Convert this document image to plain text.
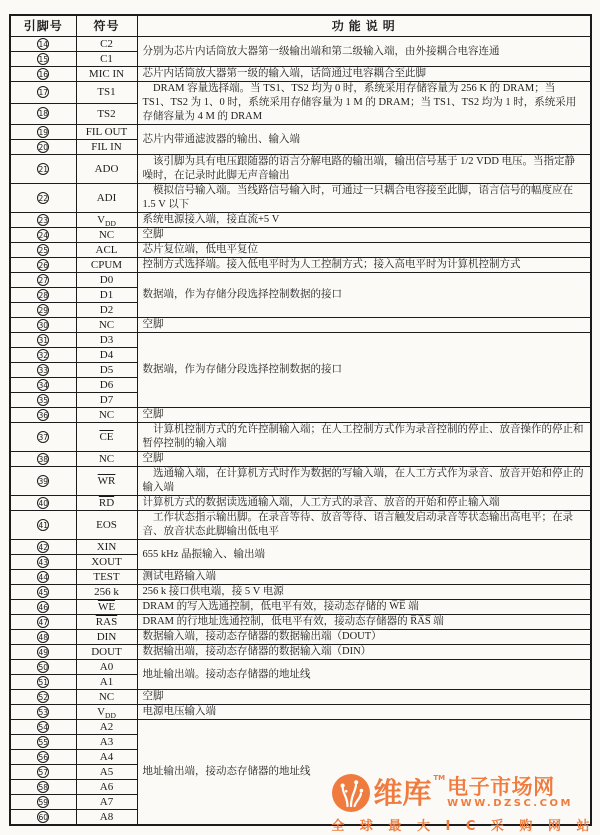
引脚号	符号	功 能 说 明
14	C2	分别为芯片内话筒放大器第一级输出端和第二级输入端，由外接耦合电容连通
15	C1	
16	MIC IN	芯片内话筒放大器第一级的输入端，话筒通过电容耦合至此脚
17	TS1	　DRAM 容量选择端。当 TS1、TS2 均为 0 时，系统采用存储容量为 256 K 的 DRAM；当 TS1、TS2 为 1、0 时，系统采用存储容量为 1 M 的 DRAM；当 TS1、TS2 均为 1 时，系统采用存储容量为 4 M 的 DRAM
18	TS2	
19	FIL OUT	芯片内带通滤波器的输出、输入端
20	FIL IN	
21	ADO	　该引脚为具有电压跟随器的语言分解电路的输出端，输出信号基于 1/2 VDD 电压。当指定静噪时，在记录时此脚无声音输出
22	ADI	　模拟信号输入端。当线路信号输入时，可通过一只耦合电容接至此脚，语言信号的幅度应在 1.5 V 以下
23	$V_{DD}$	系统电源接入端，接直流+5 V
24	NC	空脚
25	ACL	芯片复位端，低电平复位
26	CPUM	控制方式选择端。接入低电平时为人工控制方式；接入高电平时为计算机控制方式
27	D0	数据端，作为存储分段选择控制数据的接口
28	D1	
29	D2	
30	NC	空脚
31	D3	数据端，作为存储分段选择控制数据的接口
32	D4	
33	D5	
34	D6	
35	D7	
36	NC	空脚
37	$\overline{CE}$	　计算机控制方式的允许控制输入端；在人工控制方式作为录音控制的停止、放音操作的停止和暂停控制的输入端
38	NC	空脚
39	$\overline{WR}$	　选通输入端，在计算机方式时作为数据的写输入端，在人工方式作为录音、放音开始和停止的输入端
40	$\overline{RD}$	计算机方式的数据读选通输入端，人工方式的录音、放音的开始和停止输入端
41	EOS	　工作状态指示输出脚。在录音等待、放音等待、语言触发启动录音等状态输出高电平；在录音、放音状态此脚输出低电平
42	XIN	655 kHz 晶振输入、输出端
43	XOUT	
44	TEST	测试电路输入端
45	256 k	256 k 接口供电端，接 5 V 电源
46	$\overline{WE}$	DRAM 的写入选通控制，低电平有效，接动态存储的 W̅E̅ 端
47	$\overline{RAS}$	DRAM 的行地址选通控制，低电平有效，接动态存储器的 R̅A̅S̅ 端
48	DIN	数据输入端，接动态存储器的数据输出端（DOUT）
49	DOUT	数据输出端，接动态存储器的数据输入端（DIN）
50	A0	地址输出端。接动态存储器的地址线
51	A1	
52	NC	空脚
53	$V_{DD}$	电源电压输入端
54	A2	地址输出端，接动态存储器的地址线
55	A3	
56	A4	
57	A5	
58	A6	
59	A7	
60	A8	
维库 TM 电子市场网
WWW.DZSC.COM
全 球 最 大 I C 采 购 网 站
